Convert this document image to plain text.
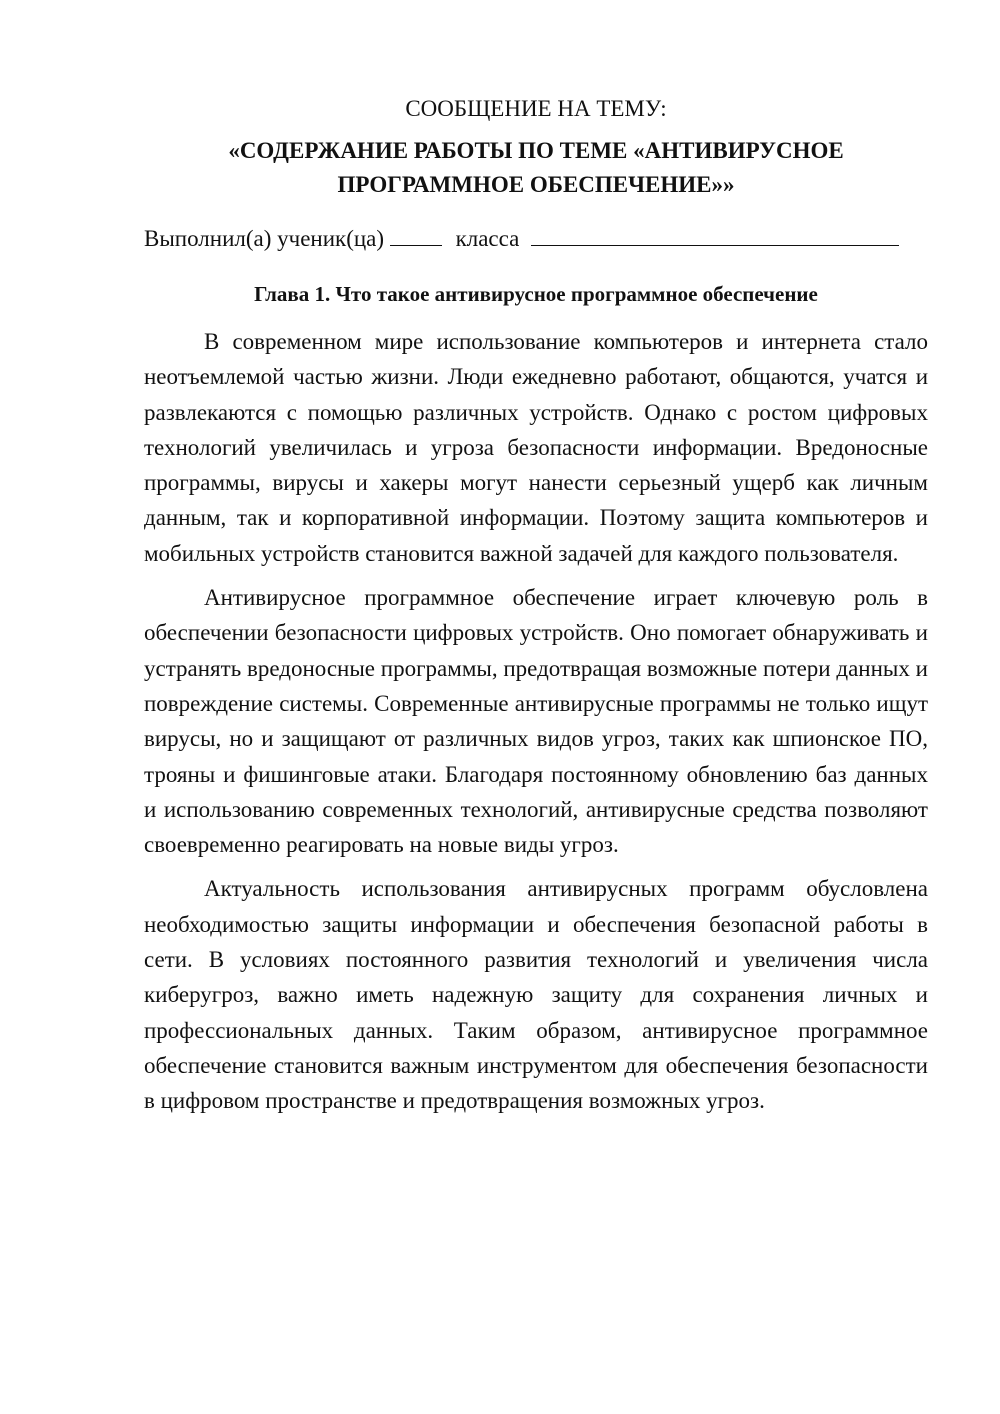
СООБЩЕНИЕ НА ТЕМУ:

«СОДЕРЖАНИЕ РАБОТЫ ПО ТЕМЕ «АНТИВИРУСНОЕ
ПРОГРАММНОЕ ОБЕСПЕЧЕНИЕ»»

Выполнил(а) ученик(ца)	класса

Глава 1. Что такое антивирусное программное обеспечение

В современном мире использование компьютеров и интернета стало неотъемлемой частью жизни. Люди ежедневно работают, общаются, учатся и развлекаются с помощью различных устройств. Однако с ростом цифровых технологий увеличилась и угроза безопасности информации. Вредоносные программы, вирусы и хакеры могут нанести серьезный ущерб как личным данным, так и корпоративной информации. Поэтому защита компьютеров и мобильных устройств становится важной задачей для каждого пользователя.

Антивирусное программное обеспечение играет ключевую роль в обеспечении безопасности цифровых устройств. Оно помогает обнаруживать и устранять вредоносные программы, предотвращая возможные потери данных и повреждение системы. Современные антивирусные программы не только ищут вирусы, но и защищают от различных видов угроз, таких как шпионское ПО, трояны и фишинговые атаки. Благодаря постоянному обновлению баз данных и использованию современных технологий, антивирусные средства позволяют своевременно реагировать на новые виды угроз.

Актуальность использования антивирусных программ обусловлена необходимостью защиты информации и обеспечения безопасной работы в сети. В условиях постоянного развития технологий и увеличения числа киберугроз, важно иметь надежную защиту для сохранения личных и профессиональных данных. Таким образом, антивирусное программное обеспечение становится важным инструментом для обеспечения безопасности в цифровом пространстве и предотвращения возможных угроз.
